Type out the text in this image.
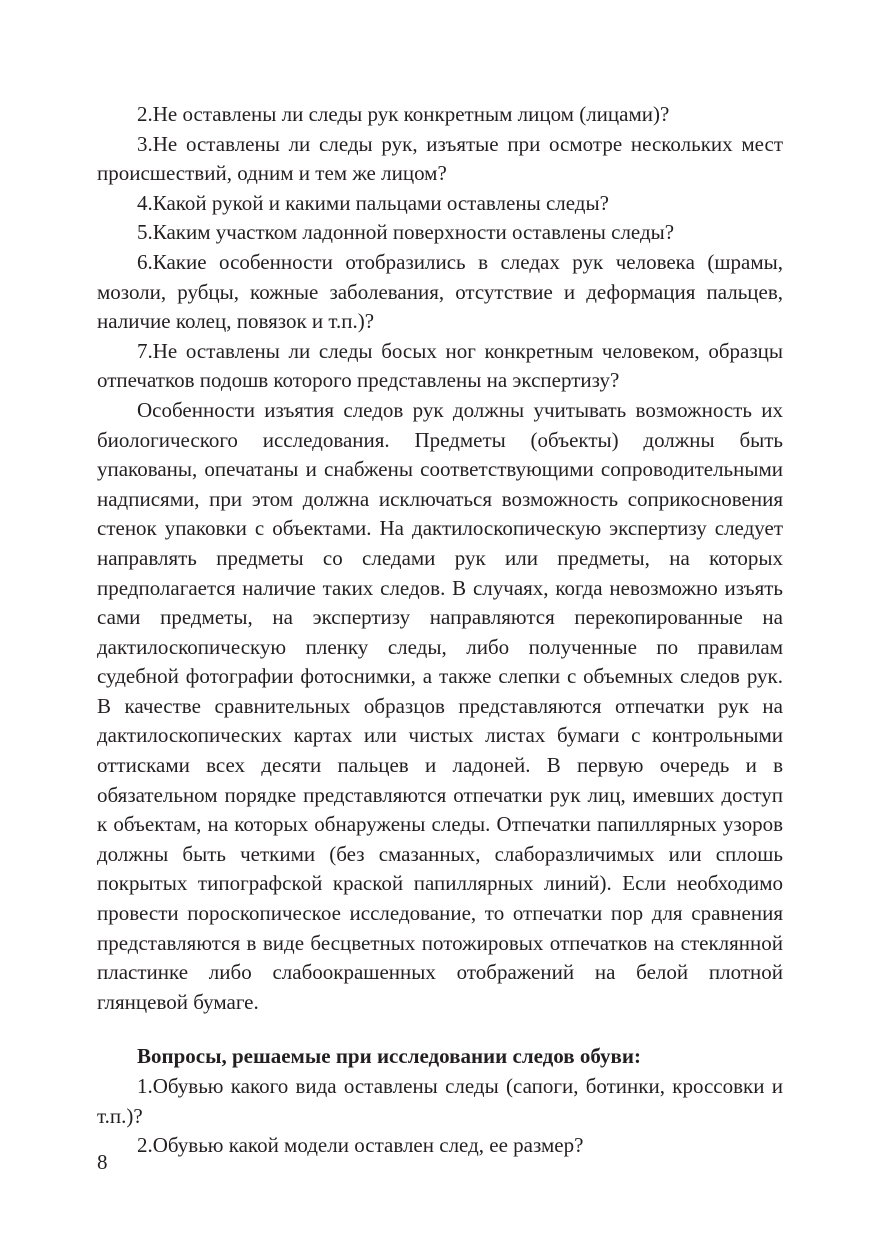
2.Не оставлены ли следы рук конкретным лицом (лицами)?

3.Не оставлены ли следы рук, изъятые при осмотре нескольких мест происшествий, одним и тем же лицом?

4.Какой рукой и какими пальцами оставлены следы?

5.Каким участком ладонной поверхности оставлены следы?

6.Какие особенности отобразились в следах рук человека (шрамы, мозоли, рубцы, кожные заболевания, отсутствие и деформация пальцев, наличие колец, повязок и т.п.)?

7.Не оставлены ли следы босых ног конкретным человеком, образцы отпечатков подошв которого представлены на экспертизу?

Особенности изъятия следов рук должны учитывать возможность их биологического исследования. Предметы (объекты) должны быть упакованы, опечатаны и снабжены соответствующими сопроводительными надписями, при этом должна исключаться возможность соприкосновения стенок упаковки с объектами. На дактилоскопическую экспертизу следует направлять предметы со следами рук или предметы, на которых предполагается наличие таких следов. В случаях, когда невозможно изъять сами предметы, на экспертизу направляются перекопированные на дактилоскопическую пленку следы, либо полученные по правилам судебной фотографии фотоснимки, а также слепки с объемных следов рук. В качестве сравнительных образцов представляются отпечатки рук на дактилоскопических картах или чистых листах бумаги с контрольными оттисками всех десяти пальцев и ладоней. В первую очередь и в обязательном порядке представляются отпечатки рук лиц, имевших доступ к объектам, на которых обнаружены следы. Отпечатки папиллярных узоров должны быть четкими (без смазанных, слаборазличимых или сплошь покрытых типографской краской папиллярных линий). Если необходимо провести пороскопическое исследование, то отпечатки пор для сравнения представляются в виде бесцветных потожировых отпечатков на стеклянной пластинке либо слабоокрашенных отображений на белой плотной глянцевой бумаге.

Вопросы, решаемые при исследовании следов обуви:

1.Обувью какого вида оставлены следы (сапоги, ботинки, кроссовки и т.п.)?

2.Обувью какой модели оставлен след, ее размер?

8
